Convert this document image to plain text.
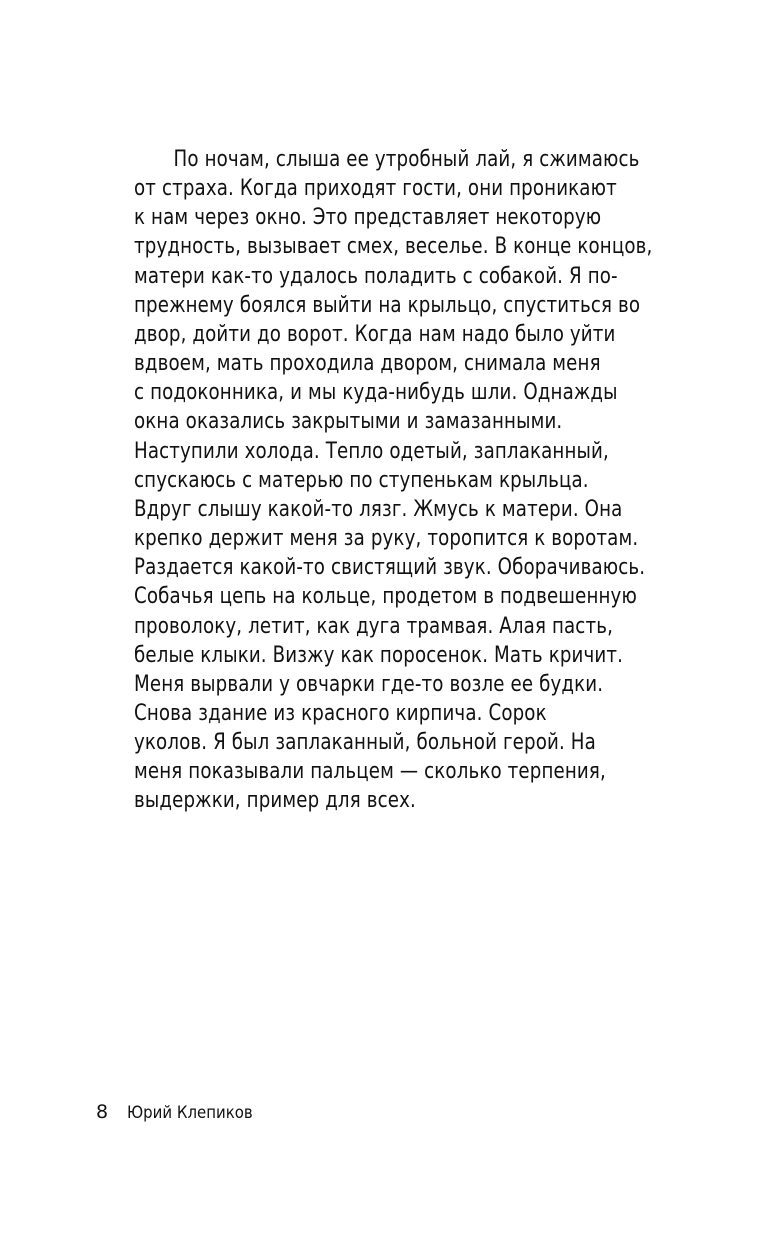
По ночам, слыша ее утробный лай, я сжимаюсь
от страха. Когда приходят гости, они проникают
к нам через окно. Это представляет некоторую
трудность, вызывает смех, веселье. В конце концов,
матери как-то удалось поладить с собакой. Я по-
прежнему боялся выйти на крыльцо, спуститься во
двор, дойти до ворот. Когда нам надо было уйти
вдвоем, мать проходила двором, снимала меня
с подоконника, и мы куда-нибудь шли. Однажды
окна оказались закрытыми и замазанными.
Наступили холода. Тепло одетый, заплаканный,
спускаюсь с матерью по ступенькам крыльца.
Вдруг слышу какой-то лязг. Жмусь к матери. Она
крепко держит меня за руку, торопится к воротам.
Раздается какой-то свистящий звук. Оборачиваюсь.
Собачья цепь на кольце, продетом в подвешенную
проволоку, летит, как дуга трамвая. Алая пасть,
белые клыки. Визжу как поросенок. Мать кричит.
Меня вырвали у овчарки где-то возле ее будки.
Снова здание из красного кирпича. Сорок
уколов. Я был заплаканный, больной герой. На
меня показывали пальцем — сколько терпения,
выдержки, пример для всех.
8 Юрий Клепиков
